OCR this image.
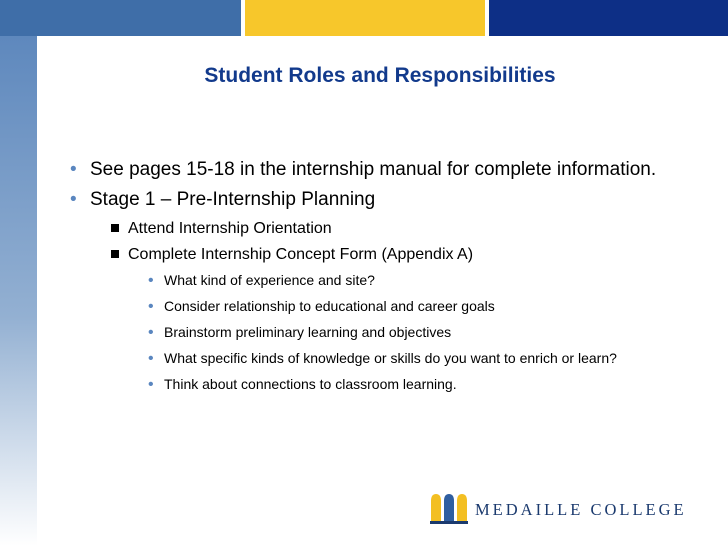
Student Roles and Responsibilities
• See pages 15-18 in the internship manual for complete information.
• Stage 1 – Pre-Internship Planning
Attend Internship Orientation
Complete Internship Concept Form (Appendix A)
• What kind of experience and site?
• Consider relationship to educational and career goals
• Brainstorm preliminary learning and objectives
• What specific kinds of knowledge or skills do you want to enrich or learn?
• Think about connections to classroom learning.
MEDAILLE COLLEGE
